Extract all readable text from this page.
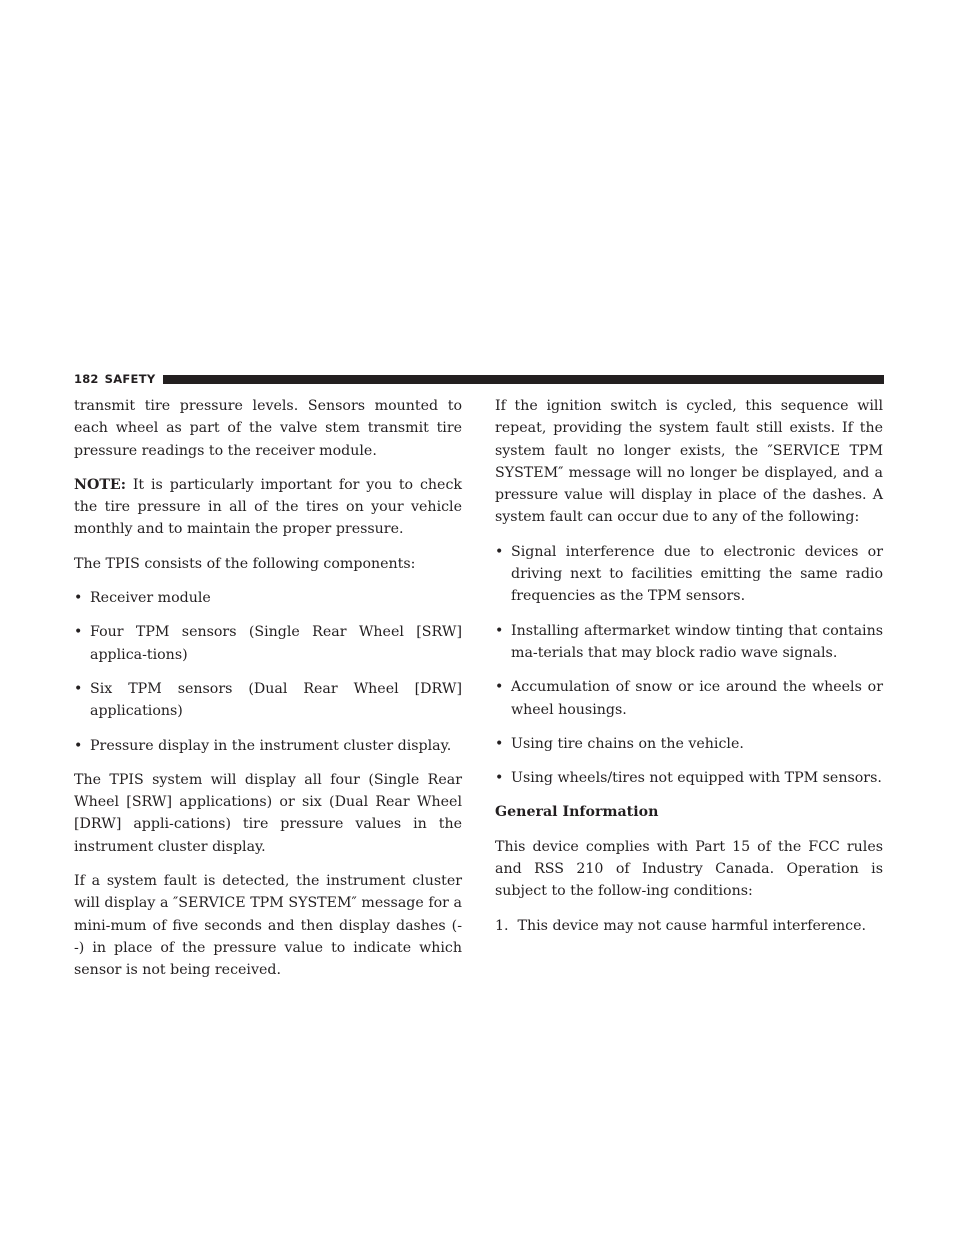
182 SAFETY

transmit tire pressure levels. Sensors mounted to each wheel as part of the valve stem transmit tire pressure readings to the receiver module.

NOTE: It is particularly important for you to check the tire pressure in all of the tires on your vehicle monthly and to maintain the proper pressure.

The TPIS consists of the following components:

• Receiver module
• Four TPM sensors (Single Rear Wheel [SRW] applica-tions)
• Six TPM sensors (Dual Rear Wheel [DRW] applications)
• Pressure display in the instrument cluster display.

The TPIS system will display all four (Single Rear Wheel [SRW] applications) or six (Dual Rear Wheel [DRW] appli-cations) tire pressure values in the instrument cluster display.

If a system fault is detected, the instrument cluster will display a ″SERVICE TPM SYSTEM″ message for a mini-mum of five seconds and then display dashes (- -) in place of the pressure value to indicate which sensor is not being received.

If the ignition switch is cycled, this sequence will repeat, providing the system fault still exists. If the system fault no longer exists, the ″SERVICE TPM SYSTEM″ message will no longer be displayed, and a pressure value will display in place of the dashes. A system fault can occur due to any of the following:

• Signal interference due to electronic devices or driving next to facilities emitting the same radio frequencies as the TPM sensors.
• Installing aftermarket window tinting that contains ma-terials that may block radio wave signals.
• Accumulation of snow or ice around the wheels or wheel housings.
• Using tire chains on the vehicle.
• Using wheels/tires not equipped with TPM sensors.

General Information

This device complies with Part 15 of the FCC rules and RSS 210 of Industry Canada. Operation is subject to the follow-ing conditions:

1. This device may not cause harmful interference.
